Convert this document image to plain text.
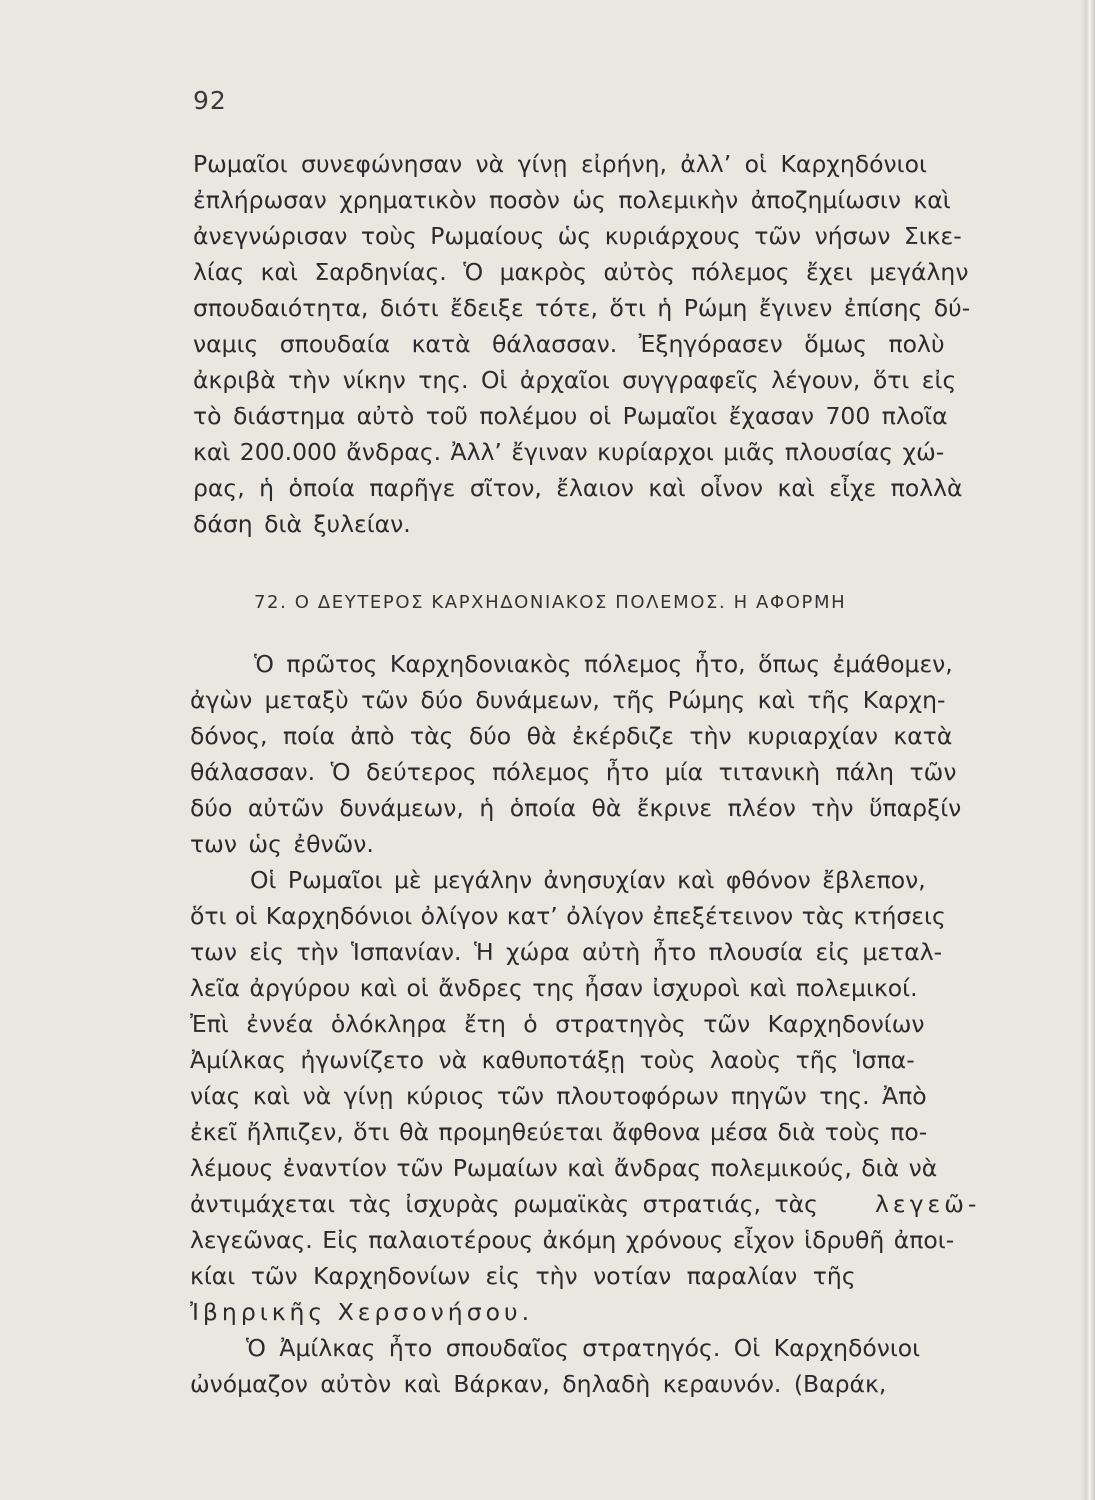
92
Ρωμαῖοι συνεφώνησαν νὰ γίνῃ εἰρήνη, ἀλλ’ οἱ Καρχηδόνιοι
ἐπλήρωσαν χρηματικὸν ποσὸν ὡς πολεμικὴν ἀποζημίωσιν καὶ
ἀνεγνώρισαν τοὺς Ρωμαίους ὡς κυριάρχους τῶν νήσων Σικε-
λίας καὶ Σαρδηνίας. Ὁ μακρὸς αὐτὸς πόλεμος ἔχει μεγάλην
σπουδαιότητα, διότι ἔδειξε τότε, ὅτι ἡ Ρώμη ἔγινεν ἐπίσης δύ-
ναμις σπουδαία κατὰ θάλασσαν. Ἐξηγόρασεν ὅμως πολὺ
ἀκριβὰ τὴν νίκην της. Οἱ ἀρχαῖοι συγγραφεῖς λέγουν, ὅτι εἰς
τὸ διάστημα αὐτὸ τοῦ πολέμου οἱ Ρωμαῖοι ἔχασαν 700 πλοῖα
καὶ 200.000 ἄνδρας. Ἀλλ’ ἔγιναν κυρίαρχοι μιᾶς πλουσίας χώ-
ρας, ἡ ὁποία παρῆγε σῖτον, ἔλαιον καὶ οἶνον καὶ εἶχε πολλὰ
δάση διὰ ξυλείαν.
72. Ο ΔΕΥΤΕΡΟΣ ΚΑΡΧΗΔΟΝΙΑΚΟΣ ΠΟΛΕΜΟΣ. Η ΑΦΟΡΜΗ
Ὁ πρῶτος Καρχηδονιακὸς πόλεμος ἦτο, ὅπως ἐμάθομεν,
ἀγὼν μεταξὺ τῶν δύο δυνάμεων, τῆς Ρώμης καὶ τῆς Καρχη-
δόνος, ποία ἀπὸ τὰς δύο θὰ ἐκέρδιζε τὴν κυριαρχίαν κατὰ
θάλασσαν. Ὁ δεύτερος πόλεμος ἦτο μία τιτανικὴ πάλη τῶν
δύο αὐτῶν δυνάμεων, ἡ ὁποία θὰ ἔκρινε πλέον τὴν ὕπαρξίν
των ὡς ἐθνῶν.
Οἱ Ρωμαῖοι μὲ μεγάλην ἀνησυχίαν καὶ φθόνον ἔβλεπον,
ὅτι οἱ Καρχηδόνιοι ὀλίγον κατ’ ὀλίγον ἐπεξέτεινον τὰς κτήσεις
των εἰς τὴν Ἱσπανίαν. Ἡ χώρα αὐτὴ ἦτο πλουσία εἰς μεταλ-
λεῖα ἀργύρου καὶ οἱ ἄνδρες της ἦσαν ἰσχυροὶ καὶ πολεμικοί.
Ἐπὶ ἐννέα ὁλόκληρα ἔτη ὁ στρατηγὸς τῶν Καρχηδονίων
Ἀμίλκας ἠγωνίζετο νὰ καθυποτάξῃ τοὺς λαοὺς τῆς Ἱσπα-
νίας καὶ νὰ γίνῃ κύριος τῶν πλουτοφόρων πηγῶν της. Ἀπὸ
ἐκεῖ ἤλπιζεν, ὅτι θὰ προμηθεύεται ἄφθονα μέσα διὰ τοὺς πο-
λέμους ἐναντίον τῶν Ρωμαίων καὶ ἄνδρας πολεμικούς, διὰ νὰ
ἀντιμάχεται τὰς ἰσχυρὰς ρωμαϊκὰς στρατιάς, τὰς λεγεῶ-
λεγεῶνας. Εἰς παλαιοτέρους ἀκόμη χρόνους εἶχον ἱδρυθῆ ἀποι-
κίαι τῶν Καρχηδονίων εἰς τὴν νοτίαν παραλίαν τῆς
Ἰβηρικῆς Χερσονήσου.
Ὁ Ἀμίλκας ἦτο σπουδαῖος στρατηγός. Οἱ Καρχηδόνιοι
ὠνόμαζον αὐτὸν καὶ Βάρκαν, δηλαδὴ κεραυνόν. (Βαράκ,
